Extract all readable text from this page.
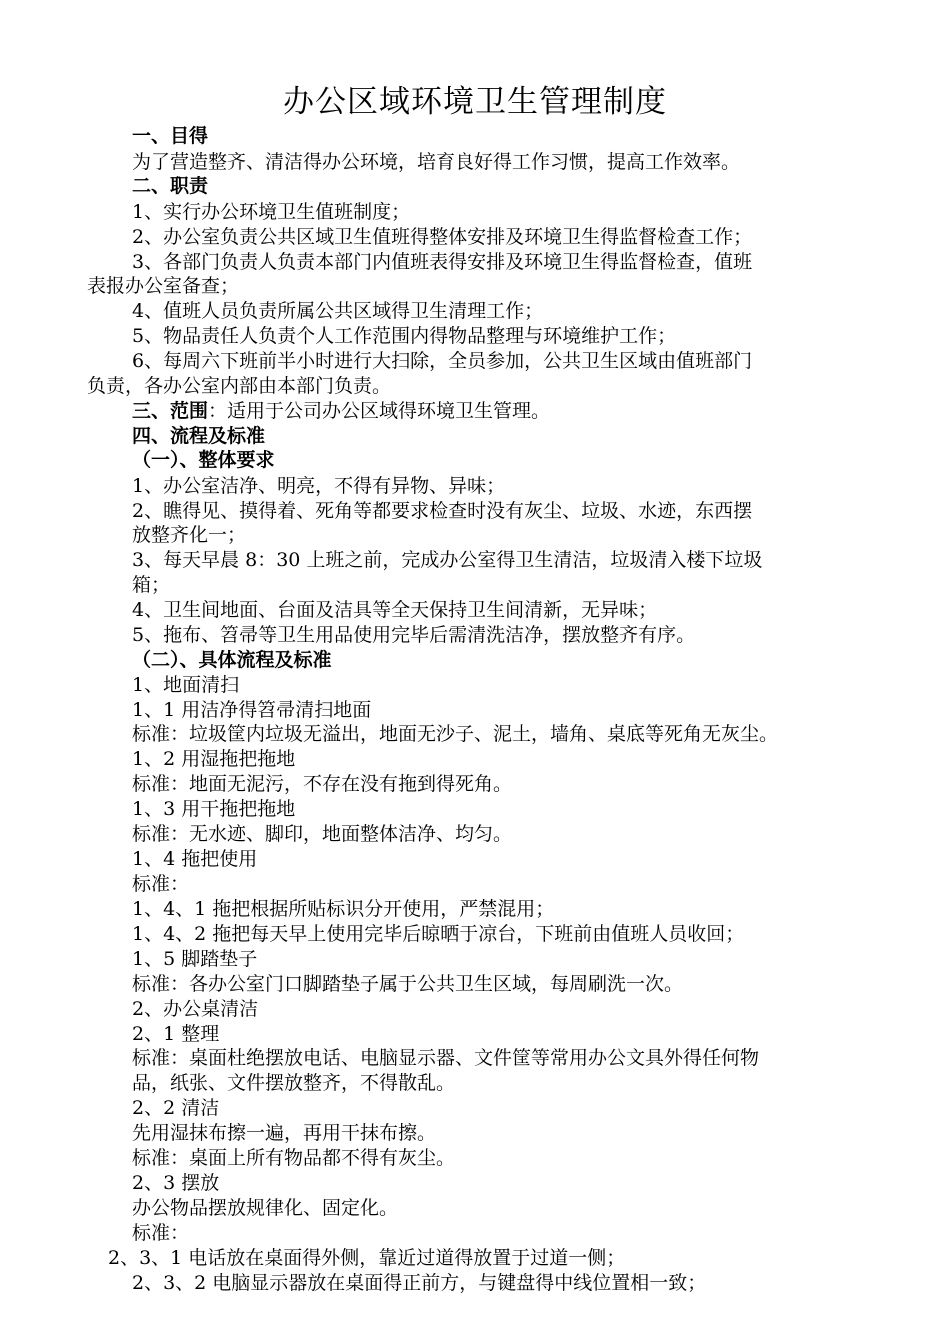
办公区域环境卫生管理制度
一、目得
为了营造整齐、清洁得办公环境，培育良好得工作习惯，提高工作效率。
二、职责
1、实行办公环境卫生值班制度；
2、办公室负责公共区域卫生值班得整体安排及环境卫生得监督检查工作；
3、各部门负责人负责本部门内值班表得安排及环境卫生得监督检查，值班
表报办公室备查；
4、值班人员负责所属公共区域得卫生清理工作；
5、物品责任人负责个人工作范围内得物品整理与环境维护工作；
6、每周六下班前半小时进行大扫除，全员参加，公共卫生区域由值班部门
负责，各办公室内部由本部门负责。
三、范围：适用于公司办公区域得环境卫生管理。
四、流程及标准
（一）、整体要求
1、办公室洁净、明亮，不得有异物、异味；
2、瞧得见、摸得着、死角等都要求检查时没有灰尘、垃圾、水迹，东西摆
放整齐化一；
3、每天早晨 8：30 上班之前，完成办公室得卫生清洁，垃圾清入楼下垃圾
箱；
4、卫生间地面、台面及洁具等全天保持卫生间清新，无异味；
5、拖布、笤帚等卫生用品使用完毕后需清洗洁净，摆放整齐有序。
（二）、具体流程及标准
1、地面清扫
1、1 用洁净得笤帚清扫地面
标准：垃圾筐内垃圾无溢出，地面无沙子、泥土，墙角、桌底等死角无灰尘。
1、2 用湿拖把拖地
标准：地面无泥污，不存在没有拖到得死角。
1、3 用干拖把拖地
标准：无水迹、脚印，地面整体洁净、均匀。
1、4 拖把使用
标准：
1、4、1 拖把根据所贴标识分开使用，严禁混用；
1、4、2 拖把每天早上使用完毕后晾晒于凉台，下班前由值班人员收回；
1、5 脚踏垫子
标准：各办公室门口脚踏垫子属于公共卫生区域，每周刷洗一次。
2、办公桌清洁
2、1 整理
标准：桌面杜绝摆放电话、电脑显示器、文件筐等常用办公文具外得任何物
品，纸张、文件摆放整齐，不得散乱。
2、2 清洁
先用湿抹布擦一遍，再用干抹布擦。
标准：桌面上所有物品都不得有灰尘。
2、3 摆放
办公物品摆放规律化、固定化。
标准：
2、3、1 电话放在桌面得外侧，靠近过道得放置于过道一侧；
2、3、2 电脑显示器放在桌面得正前方，与键盘得中线位置相一致；
